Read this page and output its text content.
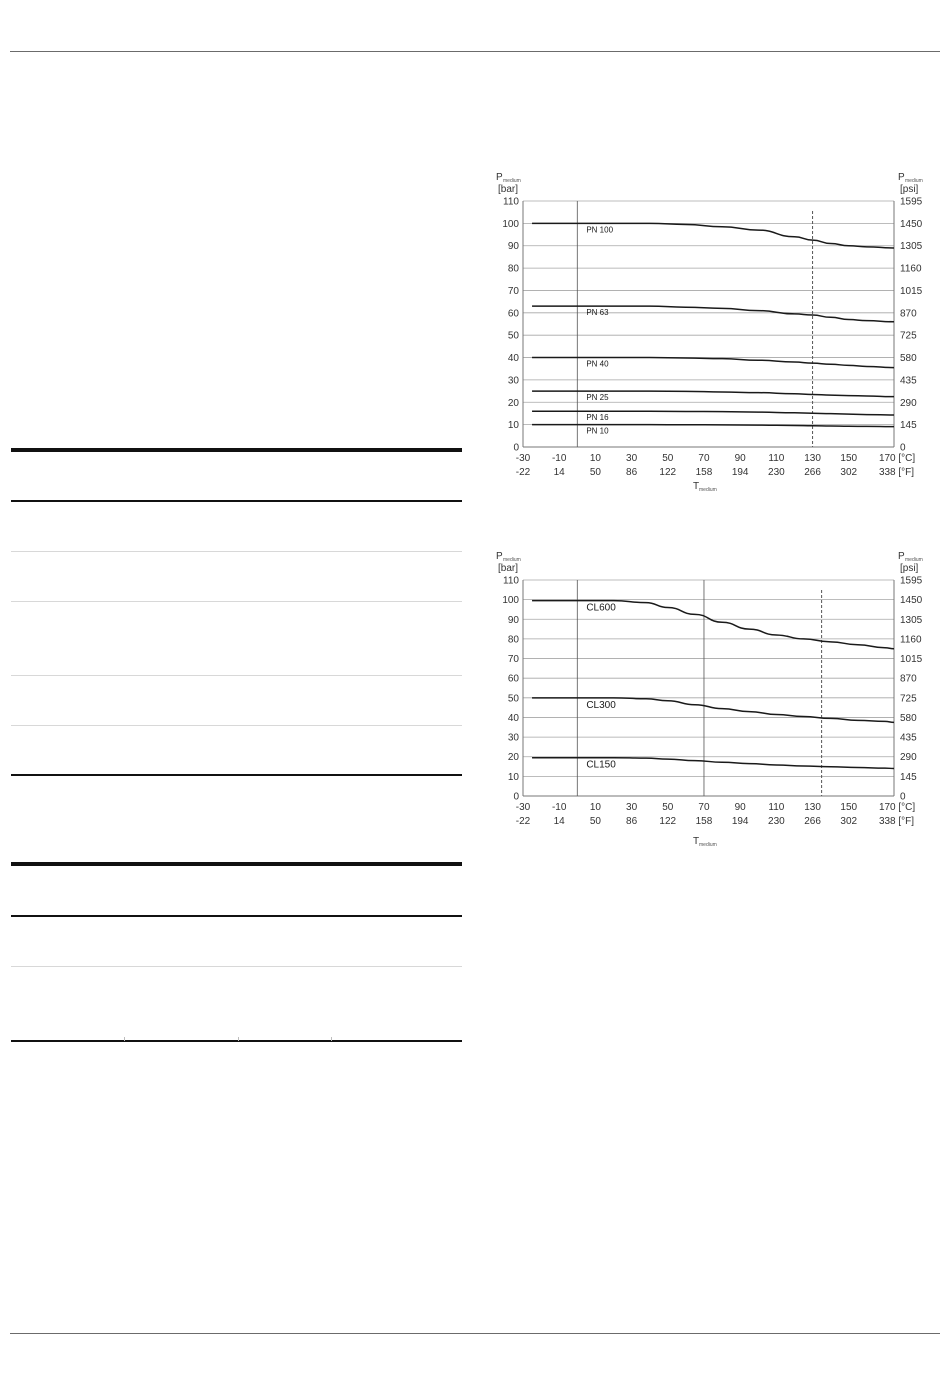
P medium
[bar]
P medium
[psi]
0	0
10	145
20	290
30	435
40	580
50	725
60	870
70	1015
80	1160
90	1305
100	1450
110	1595
-30
-22
-10
14
10
50
30
86
50
122
70
158
90
194
110
230
130
266
150
302
170 [°C]
338 [°F]
PN 100
PN 63
PN 40
PN 25
PN 16
PN 10
T medium
P medium
[bar]
P medium
[psi]
0	0
10	145
20	290
30	435
40	580
50	725
60	870
70	1015
80	1160
90	1305
100	1450
110	1595
-30
-22
-10
14
10
50
30
86
50
122
70
158
90
194
110
230
130
266
150
302
170 [°C]
338 [°F]
CL600
CL300
CL150
T medium
